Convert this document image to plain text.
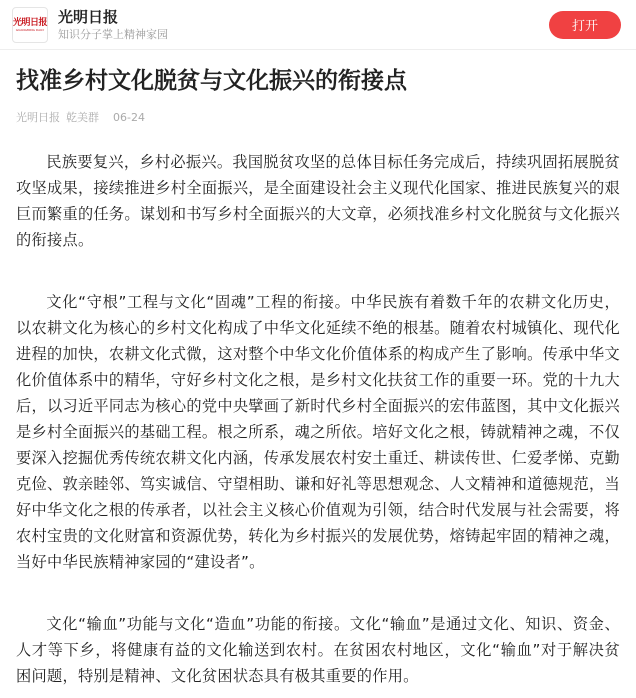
光明日报
GUANGMING DAILY
光明日报
知识分子掌上精神家园	打开
找准乡村文化脱贫与文化振兴的衔接点
光明日报 乾美群 06-24

民族要复兴，乡村必振兴。我国脱贫攻坚的总体目标任务完成后，持续巩固拓展脱贫攻坚成果，接续推进乡村全面振兴，是全面建设社会主义现代化国家、推进民族复兴的艰巨而繁重的任务。谋划和书写乡村全面振兴的大文章，必须找准乡村文化脱贫与文化振兴的衔接点。

文化“守根”工程与文化“固魂”工程的衔接。中华民族有着数千年的农耕文化历史，以农耕文化为核心的乡村文化构成了中华文化延续不绝的根基。随着农村城镇化、现代化进程的加快，农耕文化式微，这对整个中华文化价值体系的构成产生了影响。传承中华文化价值体系中的精华，守好乡村文化之根，是乡村文化扶贫工作的重要一环。党的十九大后，以习近平同志为核心的党中央擘画了新时代乡村全面振兴的宏伟蓝图，其中文化振兴是乡村全面振兴的基础工程。根之所系，魂之所依。培好文化之根，铸就精神之魂，不仅要深入挖掘优秀传统农耕文化内涵，传承发展农村安土重迁、耕读传世、仁爱孝悌、克勤克俭、敦亲睦邻、笃实诚信、守望相助、谦和好礼等思想观念、人文精神和道德规范，当好中华文化之根的传承者，以社会主义核心价值观为引领，结合时代发展与社会需要，将农村宝贵的文化财富和资源优势，转化为乡村振兴的发展优势，熔铸起牢固的精神之魂，当好中华民族精神家园的“建设者”。

文化“输血”功能与文化“造血”功能的衔接。文化“输血”是通过文化、知识、资金、人才等下乡，将健康有益的文化输送到农村。在贫困农村地区，文化“输血”对于解决贫困问题，特别是精神、文化贫困状态具有极其重要的作用。
